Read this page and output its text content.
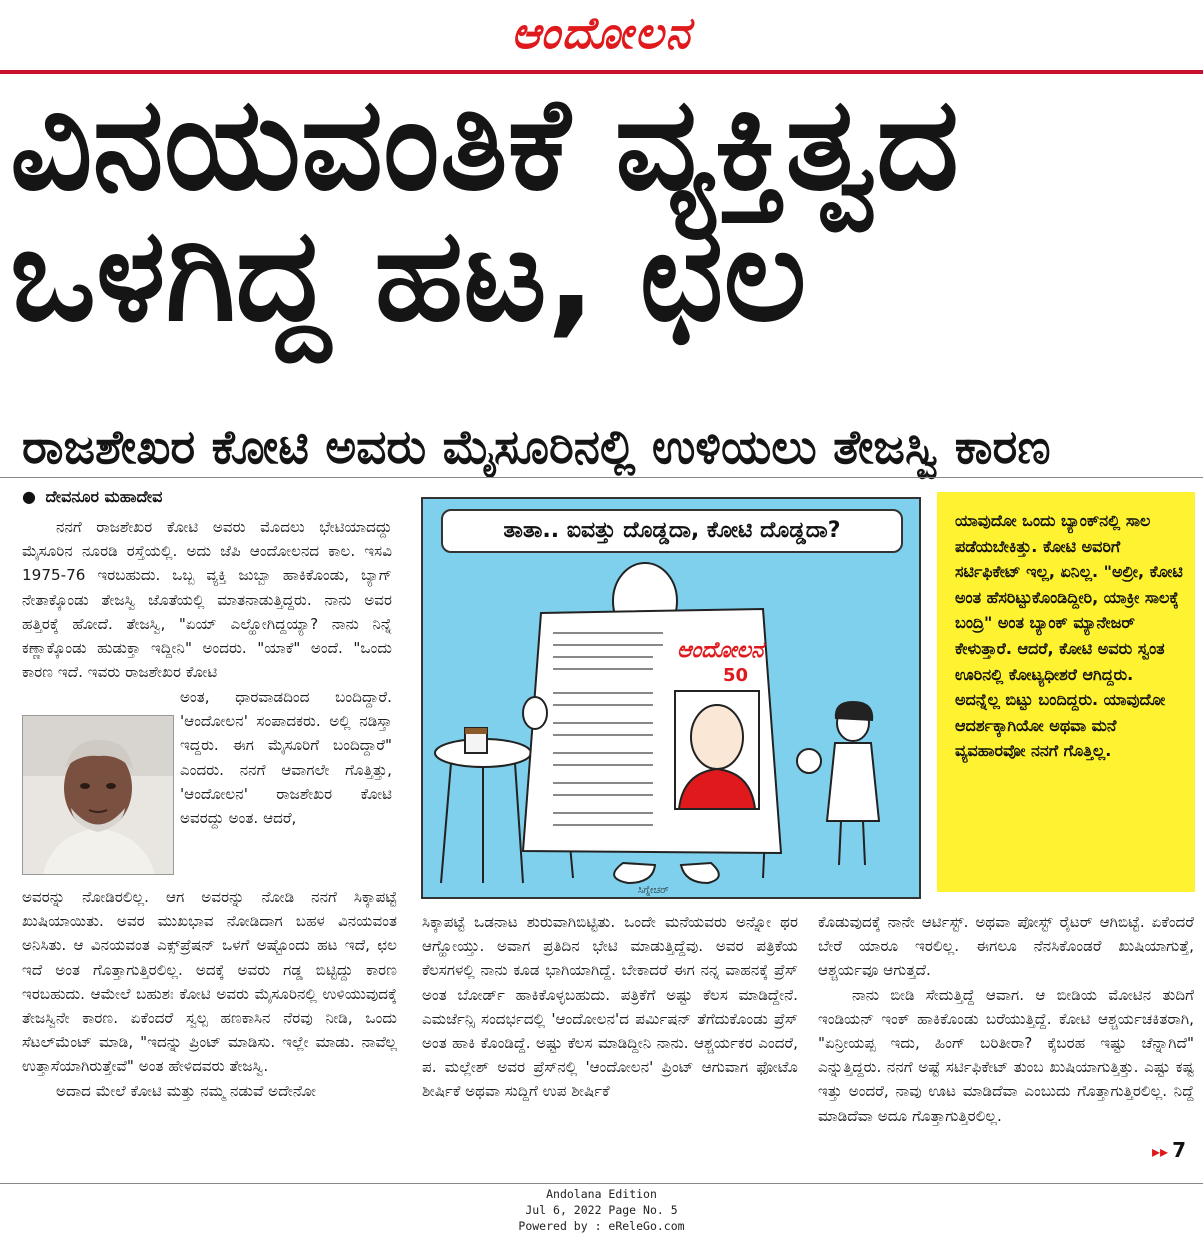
ಆಂದೋಲನ
ವಿನಯವಂತಿಕೆ ವ್ಯಕ್ತಿತ್ವದ
ಒಳಗಿದ್ದ ಹಟ, ಛಲ
ರಾಜಶೇಖರ ಕೋಟಿ ಅವರು ಮೈಸೂರಿನಲ್ಲಿ ಉಳಿಯಲು ತೇಜಸ್ವಿ ಕಾರಣ
● ದೇವನೂರ ಮಹಾದೇವ

ನನಗೆ ರಾಜಶೇಖರ ಕೋಟಿ ಅವರು ಮೊದಲು ಭೇಟಿಯಾದದ್ದು ಮೈಸೂರಿನ ನೂರಡಿ ರಸ್ತೆಯಲ್ಲಿ. ಅದು ಜೆಪಿ ಆಂದೋಲನದ ಕಾಲ. ಇಸವಿ 1975-76 ಇರಬಹುದು. ಒಬ್ಬ ವ್ಯಕ್ತಿ ಜುಬ್ಬಾ ಹಾಕಿಕೊಂಡು, ಬ್ಯಾಗ್ ನೇತಾಕ್ಕೊಂಡು ತೇಜಸ್ವಿ ಜೊತೆಯಲ್ಲಿ ಮಾತನಾಡುತ್ತಿದ್ದರು. ನಾನು ಅವರ ಹತ್ತಿರಕ್ಕೆ ಹೋದೆ. ತೇಜಸ್ವಿ, "ಏಯ್ ಎಲ್ಹೋಗಿದ್ದಯ್ಯಾ? ನಾನು ನಿನ್ನೆ ಕಣ್ಣಾಕ್ಕೊಂಡು ಹುಡುಕ್ತಾ ಇದ್ದೀನಿ" ಅಂದರು. "ಯಾಕೆ" ಅಂದೆ. "ಒಂದು ಕಾರಣ ಇದೆ. ಇವರು ರಾಜಶೇಖರ ಕೋಟಿ

ಅಂತ, ಧಾರವಾಡದಿಂದ ಬಂದಿದ್ದಾರೆ. 'ಆಂದೋಲನ' ಸಂಪಾದಕರು. ಅಲ್ಲಿ ನಡಿಸ್ತಾ ಇದ್ದರು. ಈಗ ಮೈಸೂರಿಗೆ ಬಂದಿದ್ದಾರೆ" ಎಂದರು. ನನಗೆ ಆವಾಗಲೇ ಗೊತ್ತಿತ್ತು, 'ಆಂದೋಲನ' ರಾಜಶೇಖರ ಕೋಟಿ ಅವರದ್ದು ಅಂತ. ಆದರೆ,

ಅವರನ್ನು ನೋಡಿರಲಿಲ್ಲ. ಆಗ ಅವರನ್ನು ನೋಡಿ ನನಗೆ ಸಿಕ್ಕಾಪಟ್ಟೆ ಖುಷಿಯಾಯಿತು. ಅವರ ಮುಖಭಾವ ನೋಡಿದಾಗ ಬಹಳ ವಿನಯವಂತ ಅನಿಸಿತು. ಆ ವಿನಯವಂತ ಎಕ್ಸ್‌ಪ್ರೆಷನ್ ಒಳಗೆ ಅಷ್ಟೊಂದು ಹಟ ಇದೆ, ಛಲ ಇದೆ ಅಂತ ಗೊತ್ತಾಗುತ್ತಿರಲಿಲ್ಲ. ಅದಕ್ಕೆ ಅವರು ಗಡ್ಡ ಬಿಟ್ಟಿದ್ದು ಕಾರಣ ಇರಬಹುದು. ಆಮೇಲೆ ಬಹುಶಃ ಕೋಟಿ ಅವರು ಮೈಸೂರಿನಲ್ಲಿ ಉಳಿಯುವುದಕ್ಕೆ ತೇಜಸ್ವಿನೇ ಕಾರಣ. ಏಕೆಂದರೆ ಸ್ವಲ್ಪ ಹಣಕಾಸಿನ ನೆರವು ನೀಡಿ, ಒಂದು ಸೆಟಲ್‌ಮೆಂಟ್ ಮಾಡಿ, "ಇದನ್ನು ಪ್ರಿಂಟ್ ಮಾಡಿಸು. ಇಲ್ಲೇ ಮಾಡು. ನಾವೆಲ್ಲ ಉತ್ತಾಸೆಯಾಗಿರುತ್ತೇವೆ" ಅಂತ ಹೇಳಿದವರು ತೇಜಸ್ವಿ.

ಅದಾದ ಮೇಲೆ ಕೋಟಿ ಮತ್ತು ನಮ್ಮ ನಡುವೆ ಅದೇನೋ

ತಾತಾ.. ಐವತ್ತು ದೊಡ್ಡದಾ, ಕೋಟಿ ದೊಡ್ಡದಾ?
ಆಂದೋಲನ
50
ಸಿಗ್ನೇಚರ್
ಯಾವುದೋ ಒಂದು ಬ್ಯಾಂಕ್‌ನಲ್ಲಿ ಸಾಲ ಪಡೆಯಬೇಕಿತ್ತು. ಕೋಟಿ ಅವರಿಗೆ ಸರ್ಟಿಫಿಕೇಟ್ ಇಲ್ಲ, ಏನಿಲ್ಲ. "ಅಲ್ರೀ, ಕೋಟಿ ಅಂತ ಹೆಸರಿಟ್ಟುಕೊಂಡಿದ್ದೀರಿ, ಯಾಕ್ರೀ ಸಾಲಕ್ಕೆ ಬಂದ್ರಿ" ಅಂತ ಬ್ಯಾಂಕ್ ಮ್ಯಾನೇಜರ್ ಕೇಳುತ್ತಾರೆ. ಆದರೆ, ಕೋಟಿ ಅವರು ಸ್ವಂತ ಊರಿನಲ್ಲಿ ಕೋಟ್ಯಧೀಶರೆ ಆಗಿದ್ದರು. ಅದನ್ನೆಲ್ಲ ಬಿಟ್ಟು ಬಂದಿದ್ದರು. ಯಾವುದೋ ಆದರ್ಶಕ್ಕಾಗಿಯೋ ಅಥವಾ ಮನೆ ವ್ಯವಹಾರವೋ ನನಗೆ ಗೊತ್ತಿಲ್ಲ.

ಸಿಕ್ಕಾಪಟ್ಟೆ ಒಡನಾಟ ಶುರುವಾಗಿಬಿಟ್ಟಿತು. ಒಂದೇ ಮನೆಯವರು ಅನ್ನೋ ಥರ ಆಗ್ಹೋಯ್ತು. ಅವಾಗ ಪ್ರತಿದಿನ ಭೇಟಿ ಮಾಡುತ್ತಿದ್ದೆವು. ಅವರ ಪತ್ರಿಕೆಯ ಕೆಲಸಗಳಲ್ಲಿ ನಾನು ಕೂಡ ಭಾಗಿಯಾಗಿದ್ದೆ. ಬೇಕಾದರೆ ಈಗ ನನ್ನ ವಾಹನಕ್ಕೆ ಪ್ರೆಸ್ ಅಂತ ಬೋರ್ಡ್ ಹಾಕಿಕೊಳ್ಳಬಹುದು. ಪತ್ರಿಕೆಗೆ ಅಷ್ಟು ಕೆಲಸ ಮಾಡಿದ್ದೇನೆ. ಎಮರ್ಜೆನ್ಸಿ ಸಂದರ್ಭದಲ್ಲಿ 'ಆಂದೋಲನ'ದ ಪರ್ಮಿಷನ್ ತೆಗೆದುಕೊಂಡು ಪ್ರೆಸ್ ಅಂತ ಹಾಕಿ ಕೊಂಡಿದ್ದೆ. ಅಷ್ಟು ಕೆಲಸ ಮಾಡಿದ್ದೀನಿ ನಾನು. ಆಶ್ಚರ್ಯಕರ ಎಂದರೆ, ಪ. ಮಲ್ಲೇಶ್ ಅವರ ಪ್ರೆಸ್‌ನಲ್ಲಿ 'ಆಂದೋಲನ' ಪ್ರಿಂಟ್ ಆಗುವಾಗ ಫೋಟೊ ಶೀರ್ಷಿಕೆ ಅಥವಾ ಸುದ್ದಿಗೆ ಉಪ ಶೀರ್ಷಿಕೆ

ಕೊಡುವುದಕ್ಕೆ ನಾನೇ ಆರ್ಟಿಸ್ಟ್. ಅಥವಾ ಪೋಸ್ಟ್ ರೈಟರ್ ಆಗಿಬಿಟ್ಟೆ. ಏಕೆಂದರೆ ಬೇರೆ ಯಾರೂ ಇರಲಿಲ್ಲ. ಈಗಲೂ ನೆನಸಿಕೊಂಡರೆ ಖುಷಿಯಾಗುತ್ತೆ, ಆಶ್ಚರ್ಯವೂ ಆಗುತ್ತದೆ.

ನಾನು ಬೀಡಿ ಸೇದುತ್ತಿದ್ದೆ ಆವಾಗ. ಆ ಬೀಡಿಯ ಮೋಟಿನ ತುದಿಗೆ ಇಂಡಿಯನ್ ಇಂಕ್ ಹಾಕಿಕೊಂಡು ಬರೆಯುತ್ತಿದ್ದೆ. ಕೋಟಿ ಆಶ್ಚರ್ಯಚಕಿತರಾಗಿ, "ಏನ್ರೀಯಪ್ಪ ಇದು, ಹಿಂಗ್ ಬರಿತೀರಾ? ಕೈಬರಹ ಇಷ್ಟು ಚೆನ್ನಾಗಿದೆ" ಎನ್ನುತ್ತಿದ್ದರು. ನನಗೆ ಅಷ್ಟೆ ಸರ್ಟಿಫಿಕೇಟ್ ತುಂಬ ಖುಷಿಯಾಗುತ್ತಿತ್ತು. ಎಷ್ಟು ಕಷ್ಟ ಇತ್ತು ಅಂದರೆ, ನಾವು ಊಟ ಮಾಡಿದೆವಾ ಎಂಬುದು ಗೊತ್ತಾಗುತ್ತಿರಲಿಲ್ಲ. ನಿದ್ದೆ ಮಾಡಿದೆವಾ ಅದೂ ಗೊತ್ತಾಗುತ್ತಿರಲಿಲ್ಲ.

▸▸ 7
Andolana Edition
Jul 6, 2022 Page No. 5
Powered by : eReleGo.com
